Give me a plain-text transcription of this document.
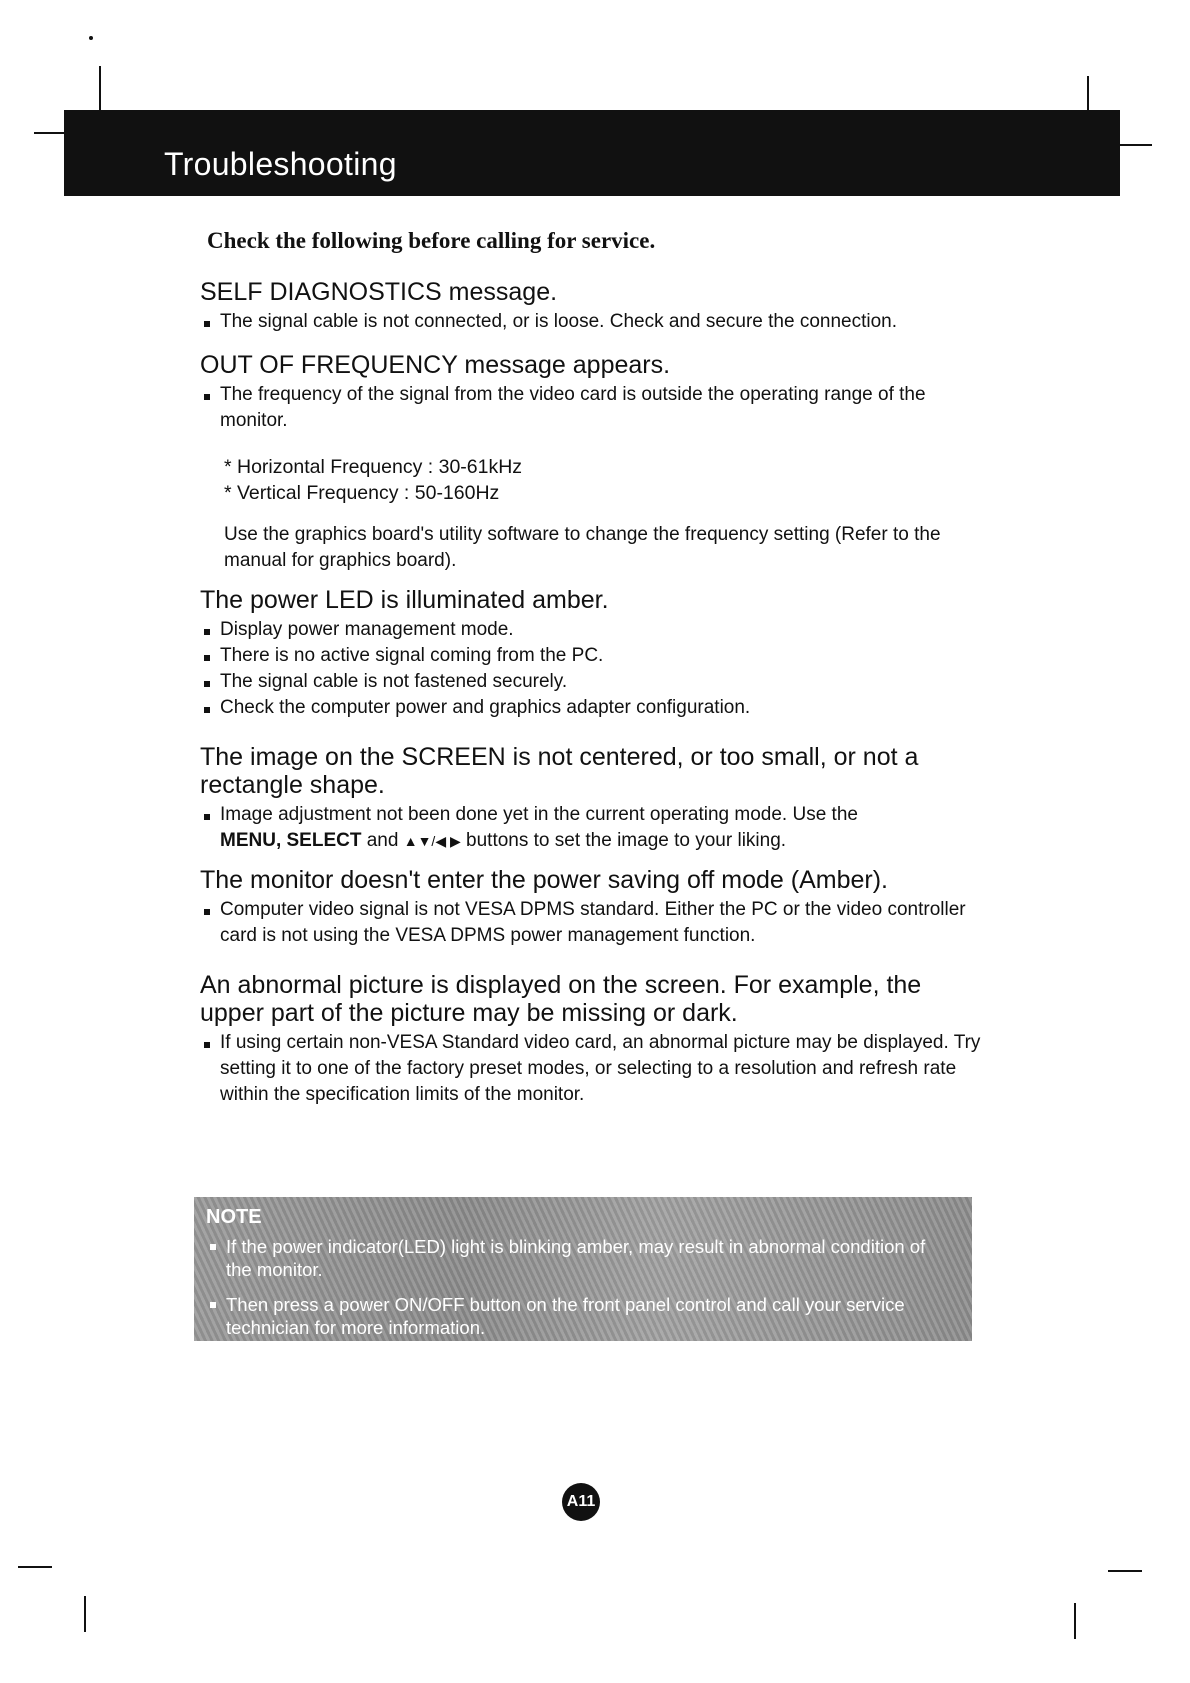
Troubleshooting
Check the following before calling for service.
SELF DIAGNOSTICS message.
The signal cable is not connected, or is loose. Check and secure the connection.
OUT OF FREQUENCY message appears.
The frequency of the signal from the video card is outside the operating range of the monitor.
* Horizontal Frequency : 30-61kHz
* Vertical Frequency : 50-160Hz
Use the graphics board's utility software to change the frequency setting (Refer to the manual for graphics board).
The power LED is illuminated amber.
Display power management mode.
There is no active signal coming from the PC.
The signal cable is not fastened securely.
Check the computer power and graphics adapter configuration.
The image on the SCREEN is not centered, or too small, or not a rectangle shape.
Image adjustment not been done yet in the current operating mode. Use the
MENU, SELECT and ▲▼/◀ ▶ buttons to set the image to your liking.
The monitor doesn't enter the power saving off mode (Amber).
Computer video signal is not VESA DPMS standard. Either the PC or the video controller card is not using the VESA DPMS power management function.
An abnormal picture is displayed on the screen. For example, the upper part of the picture may be missing or dark.
If using certain non-VESA Standard video card, an abnormal picture may be displayed. Try setting it to one of the factory preset modes, or selecting to a resolution and refresh rate within the specification limits of the monitor.
NOTE
If the power indicator(LED) light is blinking amber, may result in abnormal condition of the monitor.
Then press a power ON/OFF button on the front panel control and call your service technician for more information.
A11
